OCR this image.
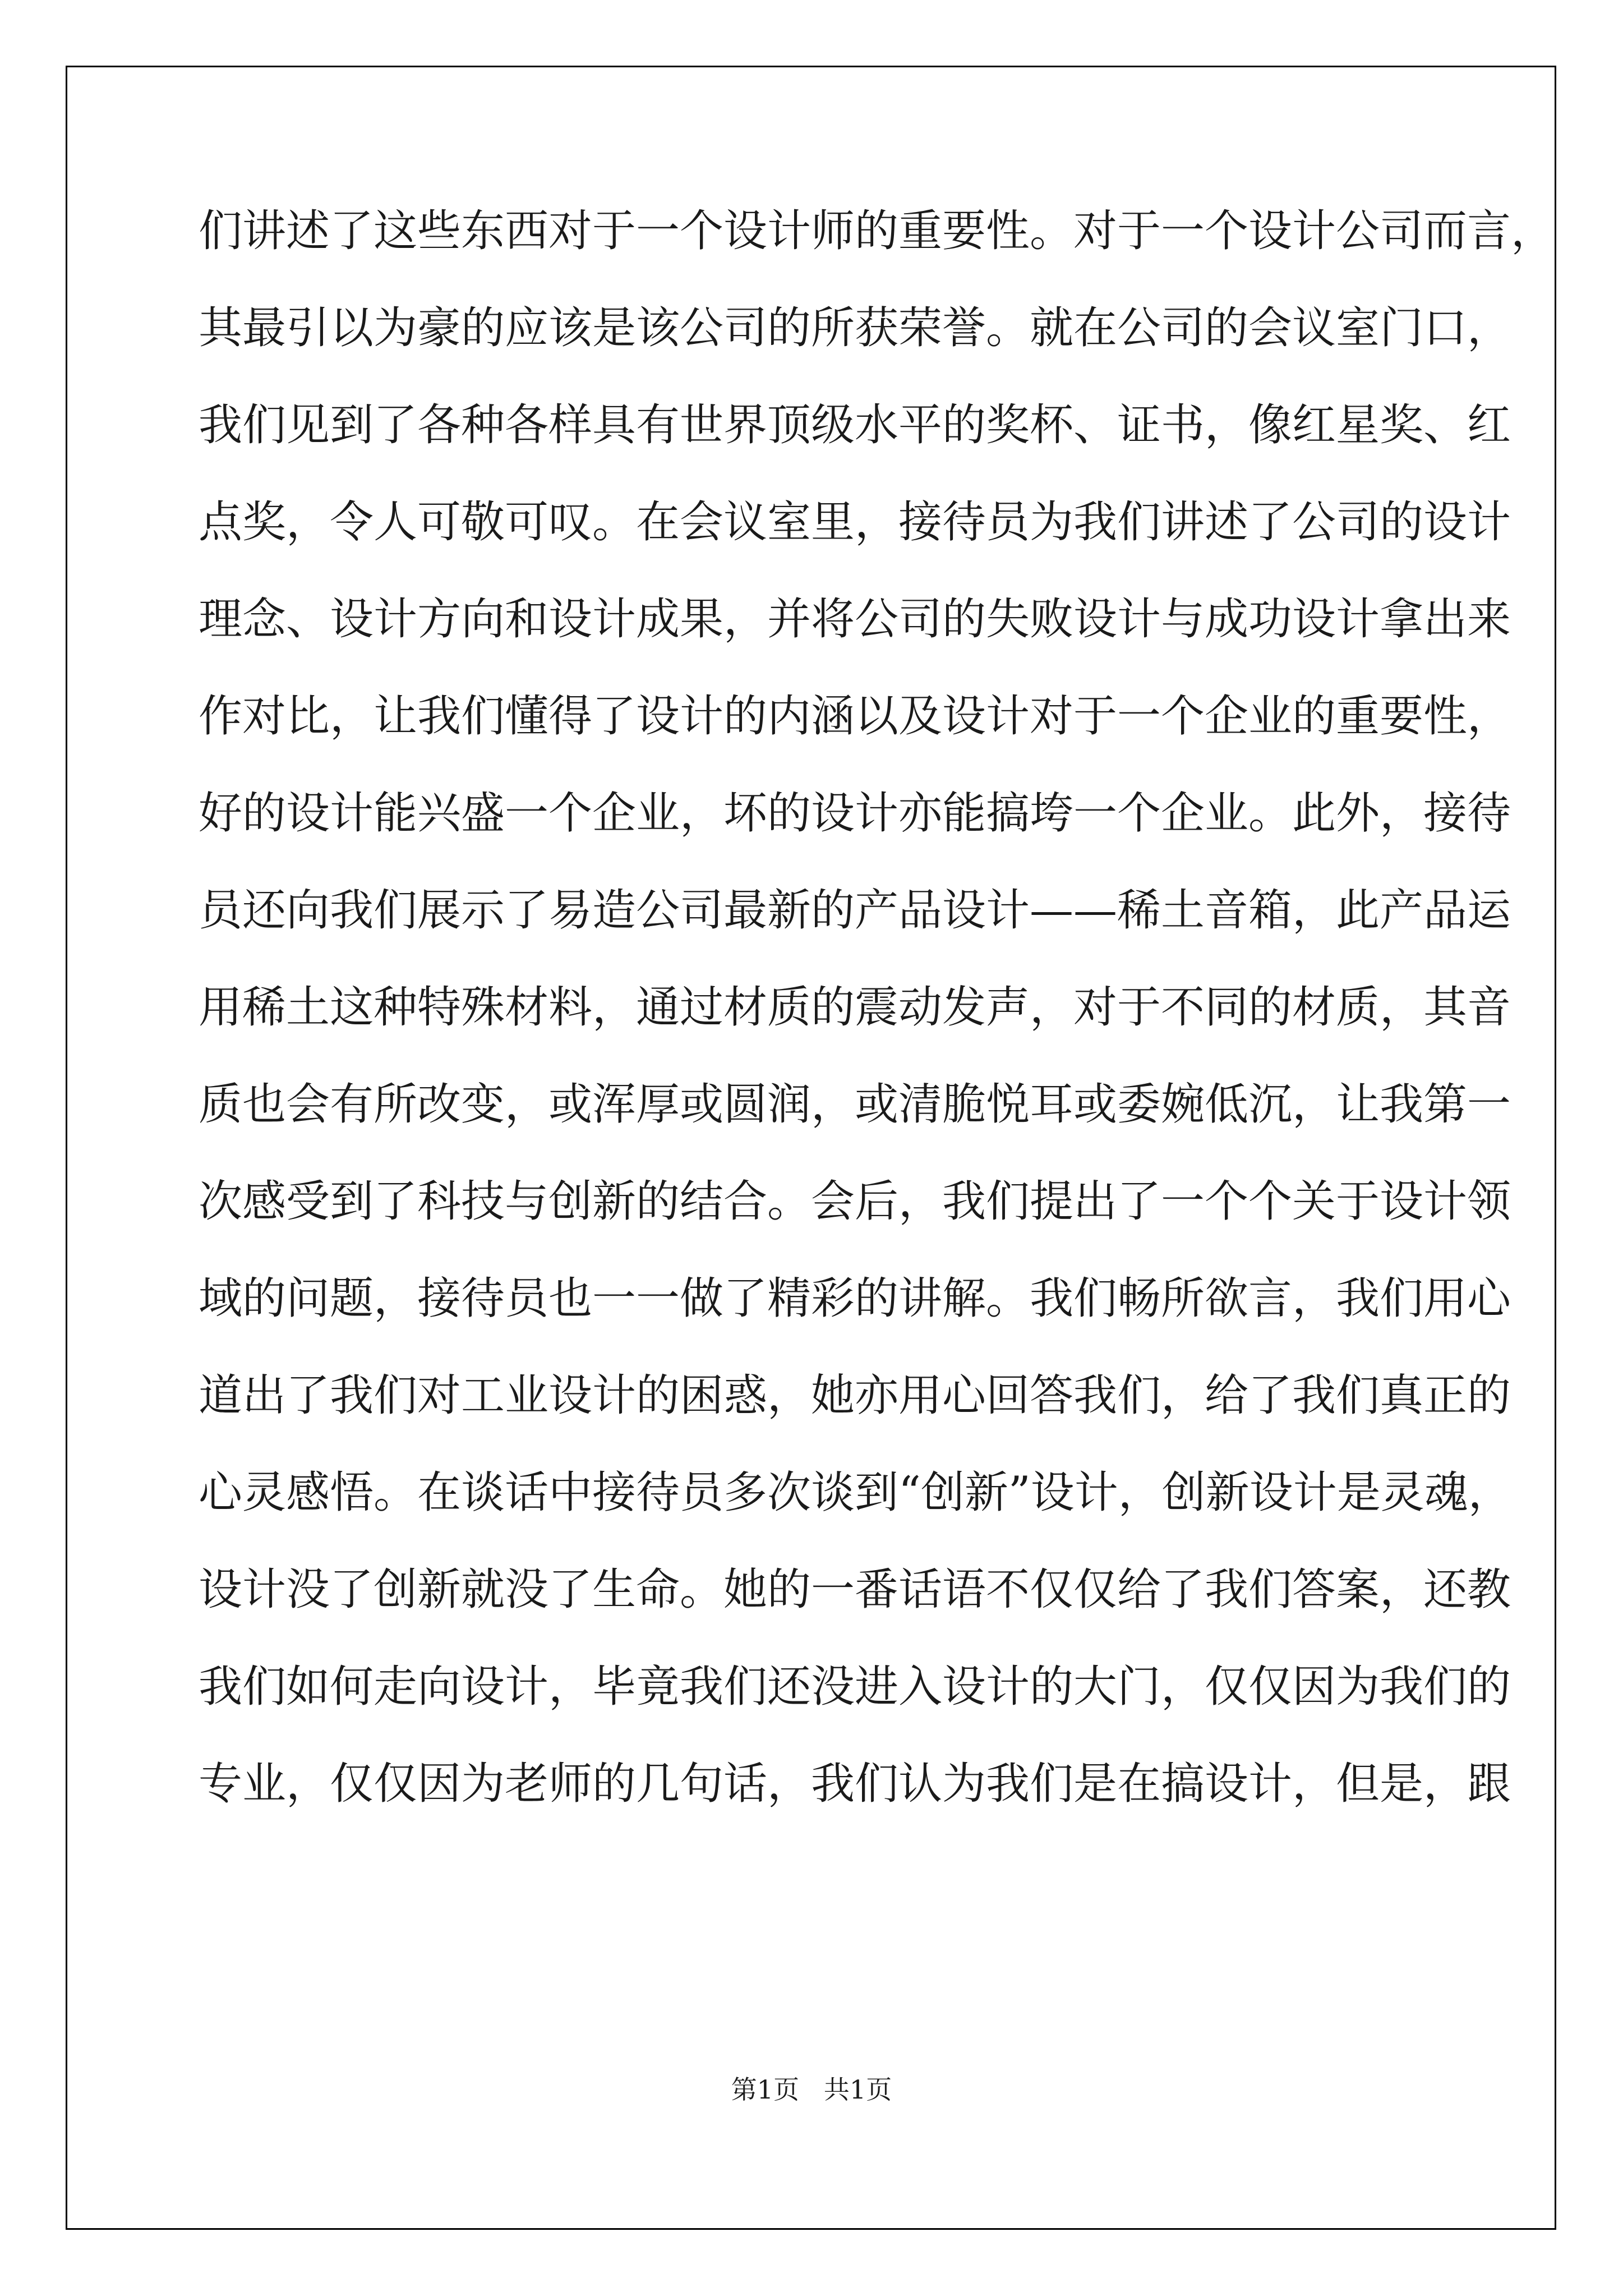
们讲述了这些东西对于一个设计师的重要性。对于一个设计公司而言，
其最引以为豪的应该是该公司的所获荣誉。就在公司的会议室门口，
我们见到了各种各样具有世界顶级水平的奖杯、证书，像红星奖、红
点奖，令人可敬可叹。在会议室里，接待员为我们讲述了公司的设计
理念、设计方向和设计成果，并将公司的失败设计与成功设计拿出来
作对比，让我们懂得了设计的内涵以及设计对于一个企业的重要性，
好的设计能兴盛一个企业，坏的设计亦能搞垮一个企业。此外，接待
员还向我们展示了易造公司最新的产品设计——稀土音箱，此产品运
用稀土这种特殊材料，通过材质的震动发声，对于不同的材质，其音
质也会有所改变，或浑厚或圆润，或清脆悦耳或委婉低沉，让我第一
次感受到了科技与创新的结合。会后，我们提出了一个个关于设计领
域的问题，接待员也一一做了精彩的讲解。我们畅所欲言，我们用心
道出了我们对工业设计的困惑，她亦用心回答我们，给了我们真正的
心灵感悟。在谈话中接待员多次谈到“创新”设计，创新设计是灵魂，
设计没了创新就没了生命。她的一番话语不仅仅给了我们答案，还教
我们如何走向设计，毕竟我们还没进入设计的大门，仅仅因为我们的
专业，仅仅因为老师的几句话，我们认为我们是在搞设计，但是，跟
第1页   共1页
